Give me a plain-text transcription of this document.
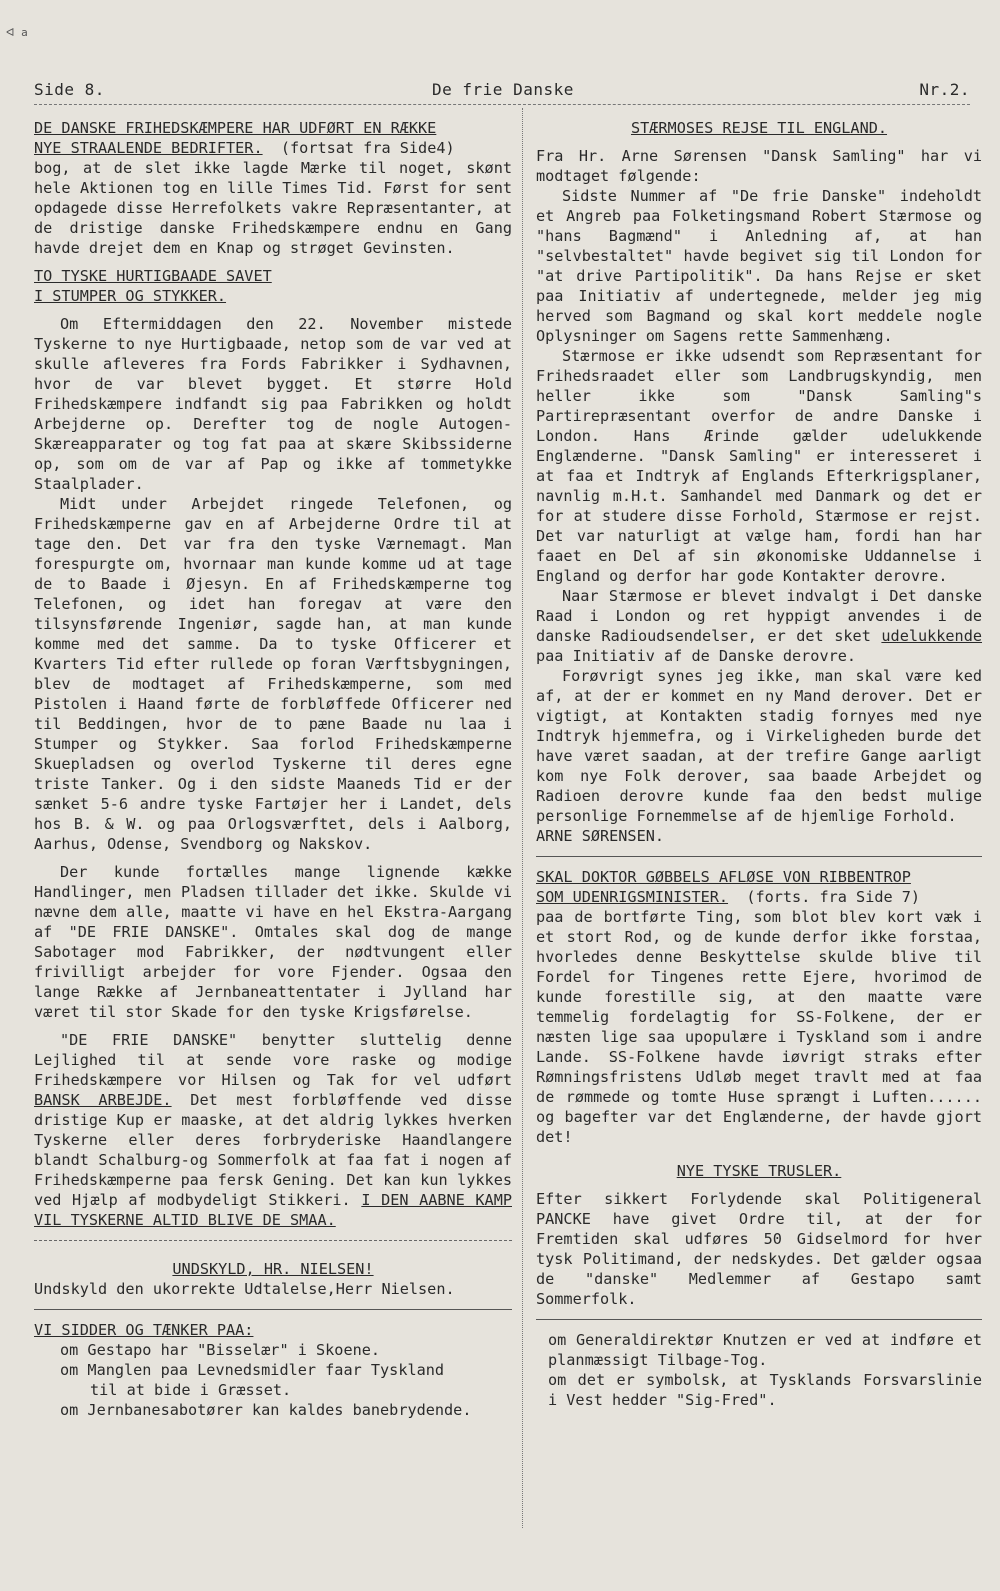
ᐊ a
Side 8.	De frie Danske	Nr.2.

DE DANSKE FRIHEDSKÆMPERE HAR UDFØRT EN RÆKKE

NYE STRAALENDE BEDRIFTER. (fortsat fra Side4)

bog, at de slet ikke lagde Mærke til noget, skønt hele Aktionen tog en lille Times Tid. Først for sent opdagede disse Herrefolkets vakre Repræsentanter, at de dristige danske Frihedskæmpere endnu en Gang havde drejet dem en Knap og strøget Gevinsten.

TO TYSKE HURTIGBAADE SAVET

I STUMPER OG STYKKER.

Om Eftermiddagen den 22. November mistede Tyskerne to nye Hurtigbaade, netop som de var ved at skulle afleveres fra Fords Fabrikker i Sydhavnen, hvor de var blevet bygget. Et større Hold Frihedskæmpere indfandt sig paa Fabrikken og holdt Arbejderne op. Derefter tog de nogle Autogen-Skæreapparater og tog fat paa at skære Skibssiderne op, som om de var af Pap og ikke af tommetykke Staalplader.

Midt under Arbejdet ringede Telefonen, og Frihedskæmperne gav en af Arbejderne Ordre til at tage den. Det var fra den tyske Værnemagt. Man forespurgte om, hvornaar man kunde komme ud at tage de to Baade i Øjesyn. En af Frihedskæmperne tog Telefonen, og idet han foregav at være den tilsynsførende Ingeniør, sagde han, at man kunde komme med det samme. Da to tyske Officerer et Kvarters Tid efter rullede op foran Værftsbygningen, blev de modtaget af Frihedskæmperne, som med Pistolen i Haand førte de forbløffede Officerer ned til Beddingen, hvor de to pæne Baade nu laa i Stumper og Stykker. Saa forlod Frihedskæmperne Skuepladsen og overlod Tyskerne til deres egne triste Tanker. Og i den sidste Maaneds Tid er der sænket 5-6 andre tyske Fartøjer her i Landet, dels hos B. & W. og paa Orlogsværftet, dels i Aalborg, Aarhus, Odense, Svendborg og Nakskov.

Der kunde fortælles mange lignende kække Handlinger, men Pladsen tillader det ikke. Skulde vi nævne dem alle, maatte vi have en hel Ekstra-Aargang af "DE FRIE DANSKE". Omtales skal dog de mange Sabotager mod Fabrikker, der nødtvungent eller frivilligt arbejder for vore Fjender. Ogsaa den lange Række af Jernbaneattentater i Jylland har været til stor Skade for den tyske Krigsførelse.

"DE FRIE DANSKE" benytter sluttelig denne Lejlighed til at sende vore raske og modige Frihedskæmpere vor Hilsen og Tak for vel udført BANSK ARBEJDE. Det mest forbløffende ved disse dristige Kup er maaske, at det aldrig lykkes hverken Tyskerne eller deres forbryderiske Haandlangere blandt Schalburg-og Sommerfolk at faa fat i nogen af Frihedskæmperne paa fersk Gening. Det kan kun lykkes ved Hjælp af modbydeligt Stikkeri. I DEN AABNE KAMP VIL TYSKERNE ALTID BLIVE DE SMAA.

UNDSKYLD, HR. NIELSEN!

Undskyld den ukorrekte Udtalelse,Herr Nielsen.

VI SIDDER OG TÆNKER PAA:

om Gestapo har "Bisselær" i Skoene.

om Manglen paa Levnedsmidler faar Tyskland

til at bide i Græsset.

om Jernbanesabotører kan kaldes banebrydende.

STÆRMOSES REJSE TIL ENGLAND.

Fra Hr. Arne Sørensen "Dansk Samling" har vi modtaget følgende:

Sidste Nummer af "De frie Danske" indeholdt et Angreb paa Folketingsmand Robert Stærmose og "hans Bagmænd" i Anledning af, at han "selvbestaltet" havde begivet sig til London for "at drive Partipolitik". Da hans Rejse er sket paa Initiativ af undertegnede, melder jeg mig herved som Bagmand og skal kort meddele nogle Oplysninger om Sagens rette Sammenhæng.

Stærmose er ikke udsendt som Repræsentant for Frihedsraadet eller som Landbrugskyndig, men heller ikke som "Dansk Samling"s Partirepræsentant overfor de andre Danske i London. Hans Ærinde gælder udelukkende Englænderne. "Dansk Samling" er interesseret i at faa et Indtryk af Englands Efterkrigsplaner, navnlig m.H.t. Samhandel med Danmark og det er for at studere disse Forhold, Stærmose er rejst. Det var naturligt at vælge ham, fordi han har faaet en Del af sin økonomiske Uddannelse i England og derfor har gode Kontakter derovre.

Naar Stærmose er blevet indvalgt i Det danske Raad i London og ret hyppigt anvendes i de danske Radioudsendelser, er det sket udelukkende paa Initiativ af de Danske derovre.

Forøvrigt synes jeg ikke, man skal være ked af, at der er kommet en ny Mand derover. Det er vigtigt, at Kontakten stadig fornyes med nye Indtryk hjemmefra, og i Virkeligheden burde det have været saadan, at der trefire Gange aarligt kom nye Folk derover, saa baade Arbejdet og Radioen derovre kunde faa den bedst mulige personlige Fornemmelse af de hjemlige Forhold.

ARNE SØRENSEN.

SKAL DOKTOR GØBBELS AFLØSE VON RIBBENTROP

SOM UDENRIGSMINISTER. (forts. fra Side 7)

paa de bortførte Ting, som blot blev kort væk i et stort Rod, og de kunde derfor ikke forstaa, hvorledes denne Beskyttelse skulde blive til Fordel for Tingenes rette Ejere, hvorimod de kunde forestille sig, at den maatte være temmelig fordelagtig for SS-Folkene, der er næsten lige saa upopulære i Tyskland som i andre Lande. SS-Folkene havde iøvrigt straks efter Rømningsfristens Udløb meget travlt med at faa de rømmede og tomte Huse sprængt i Luften...... og bagefter var det Englænderne, der havde gjort det!

NYE TYSKE TRUSLER.

Efter sikkert Forlydende skal Politigeneral PANCKE have givet Ordre til, at der for Fremtiden skal udføres 50 Gidselmord for hver tysk Politimand, der nedskydes. Det gælder ogsaa de "danske" Medlemmer af Gestapo samt Sommerfolk.

om Generaldirektør Knutzen er ved at indføre et planmæssigt Tilbage-Tog.

om det er symbolsk, at Tysklands Forsvarslinie i Vest hedder "Sig-Fred".
